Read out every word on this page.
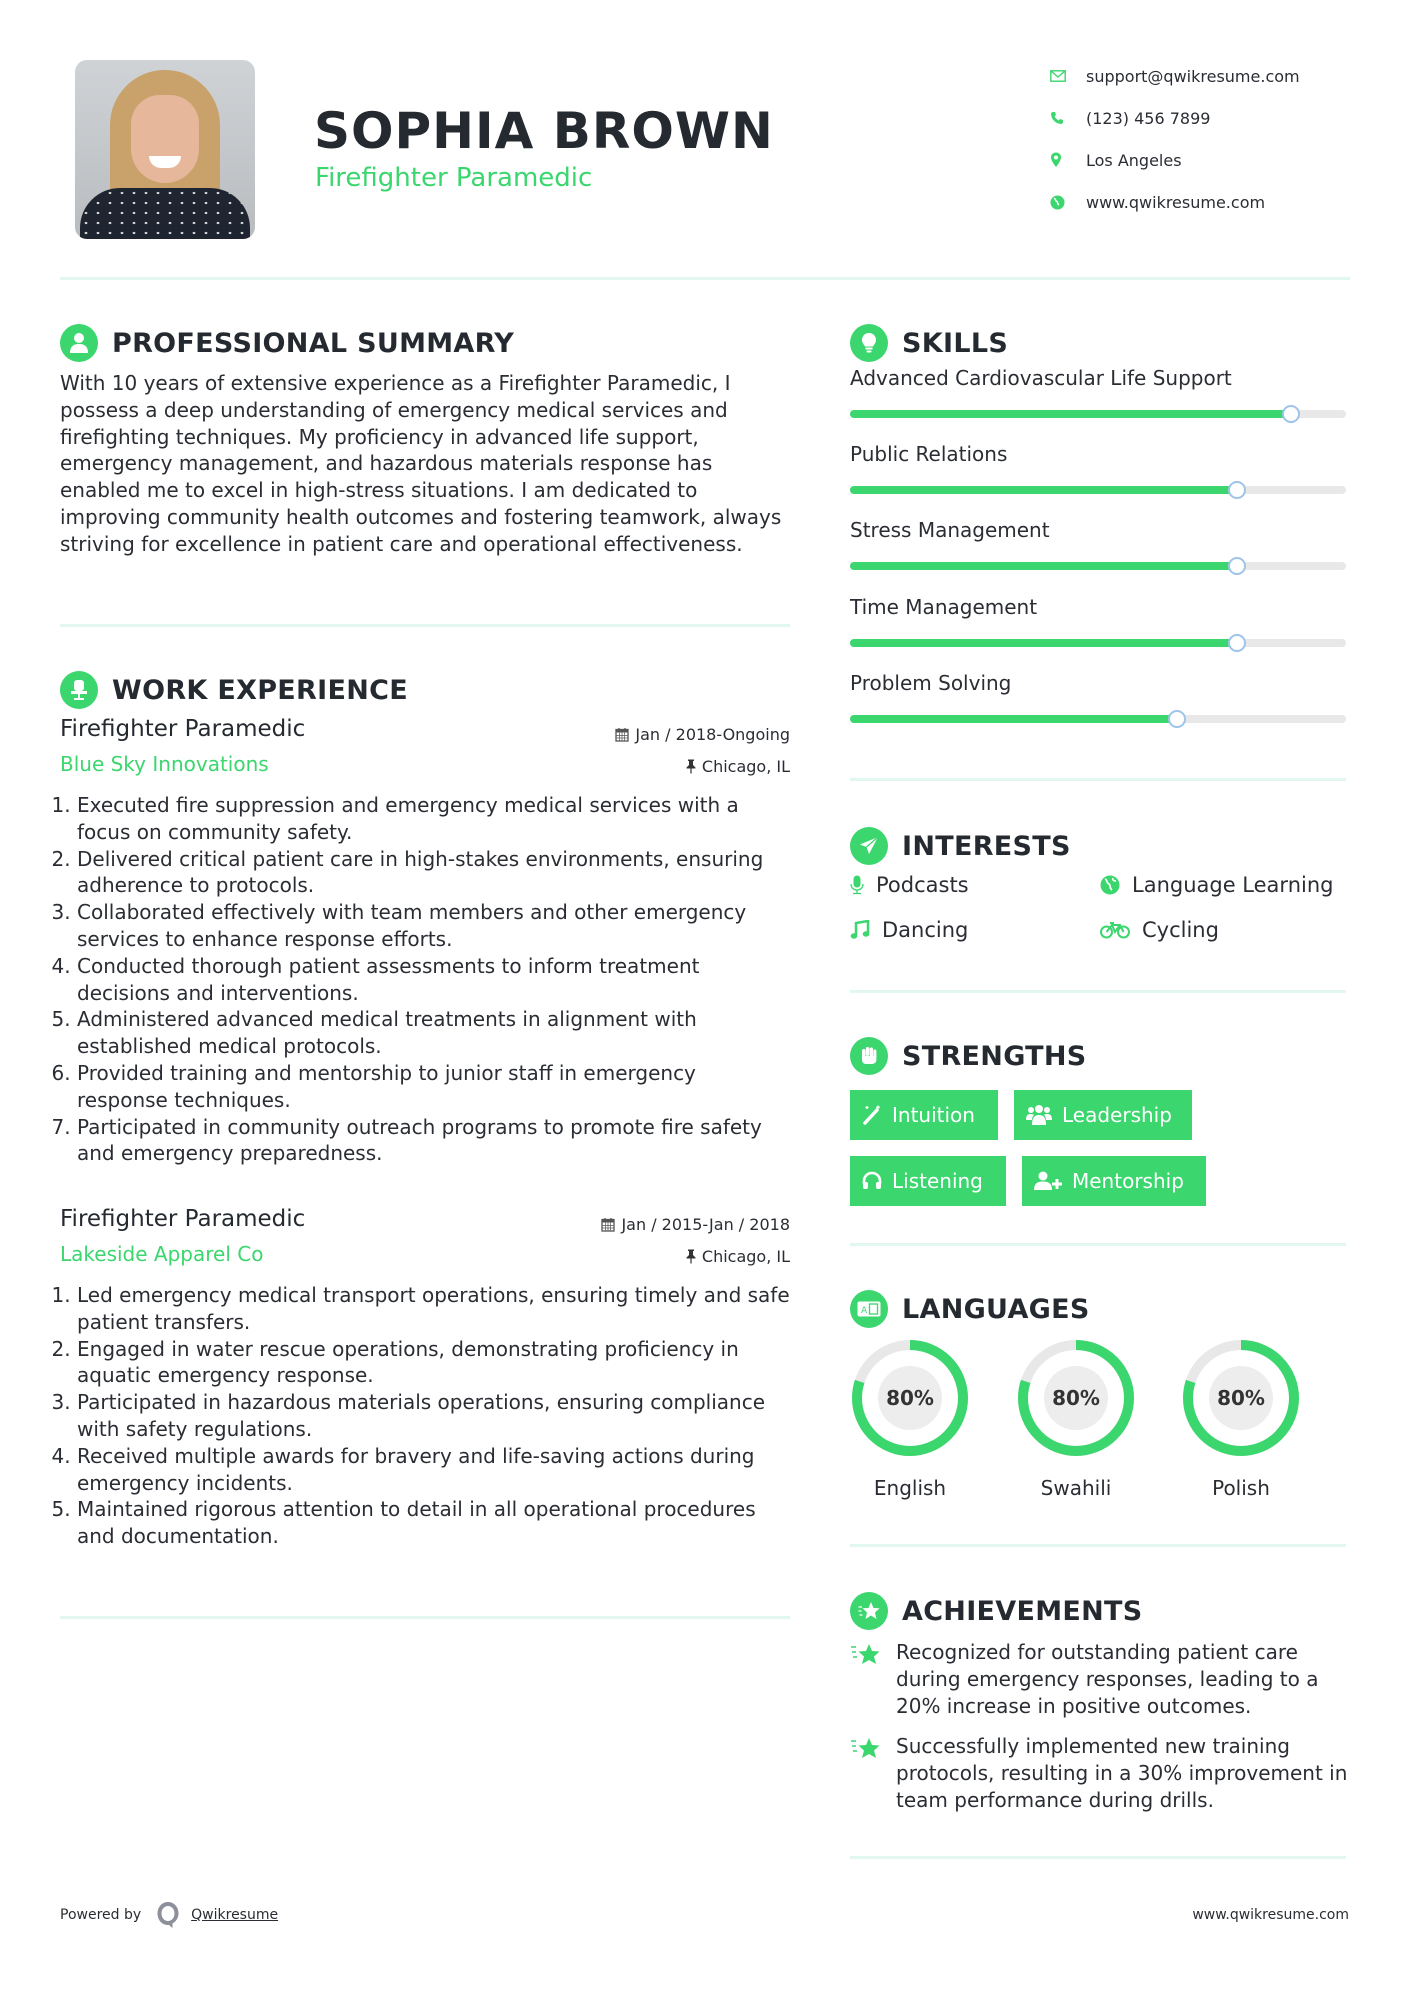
SOPHIA BROWN
Firefighter Paramedic
support@qwikresume.com
(123) 456 7899
Los Angeles
www.qwikresume.com
PROFESSIONAL SUMMARY
With 10 years of extensive experience as a Firefighter Paramedic, I possess a deep understanding of emergency medical services and firefighting techniques. My proficiency in advanced life support, emergency management, and hazardous materials response has enabled me to excel in high-stress situations. I am dedicated to improving community health outcomes and fostering teamwork, always striving for excellence in patient care and operational effectiveness.
WORK EXPERIENCE
Firefighter Paramedic	Jan / 2018-Ongoing
Blue Sky Innovations	Chicago, IL
1. Executed fire suppression and emergency medical services with a focus on community safety.
2. Delivered critical patient care in high-stakes environments, ensuring adherence to protocols.
3. Collaborated effectively with team members and other emergency services to enhance response efforts.
4. Conducted thorough patient assessments to inform treatment decisions and interventions.
5. Administered advanced medical treatments in alignment with established medical protocols.
6. Provided training and mentorship to junior staff in emergency response techniques.
7. Participated in community outreach programs to promote fire safety and emergency preparedness.
Firefighter Paramedic	Jan / 2015-Jan / 2018
Lakeside Apparel Co	Chicago, IL
1. Led emergency medical transport operations, ensuring timely and safe patient transfers.
2. Engaged in water rescue operations, demonstrating proficiency in aquatic emergency response.
3. Participated in hazardous materials operations, ensuring compliance with safety regulations.
4. Received multiple awards for bravery and life-saving actions during emergency incidents.
5. Maintained rigorous attention to detail in all operational procedures and documentation.
SKILLS
Advanced Cardiovascular Life Support
Public Relations
Stress Management
Time Management
Problem Solving
INTERESTS
Podcasts	Language Learning
Dancing	Cycling
STRENGTHS
Intuition	Leadership
Listening	Mentorship
A LANGUAGES
80%
English
80%
Swahili
80%
Polish
ACHIEVEMENTS
Recognized for outstanding patient care during emergency responses, leading to a 20% increase in positive outcomes.
Successfully implemented new training protocols, resulting in a 30% improvement in team performance during drills.
Powered by	Qwikresume	www.qwikresume.com
